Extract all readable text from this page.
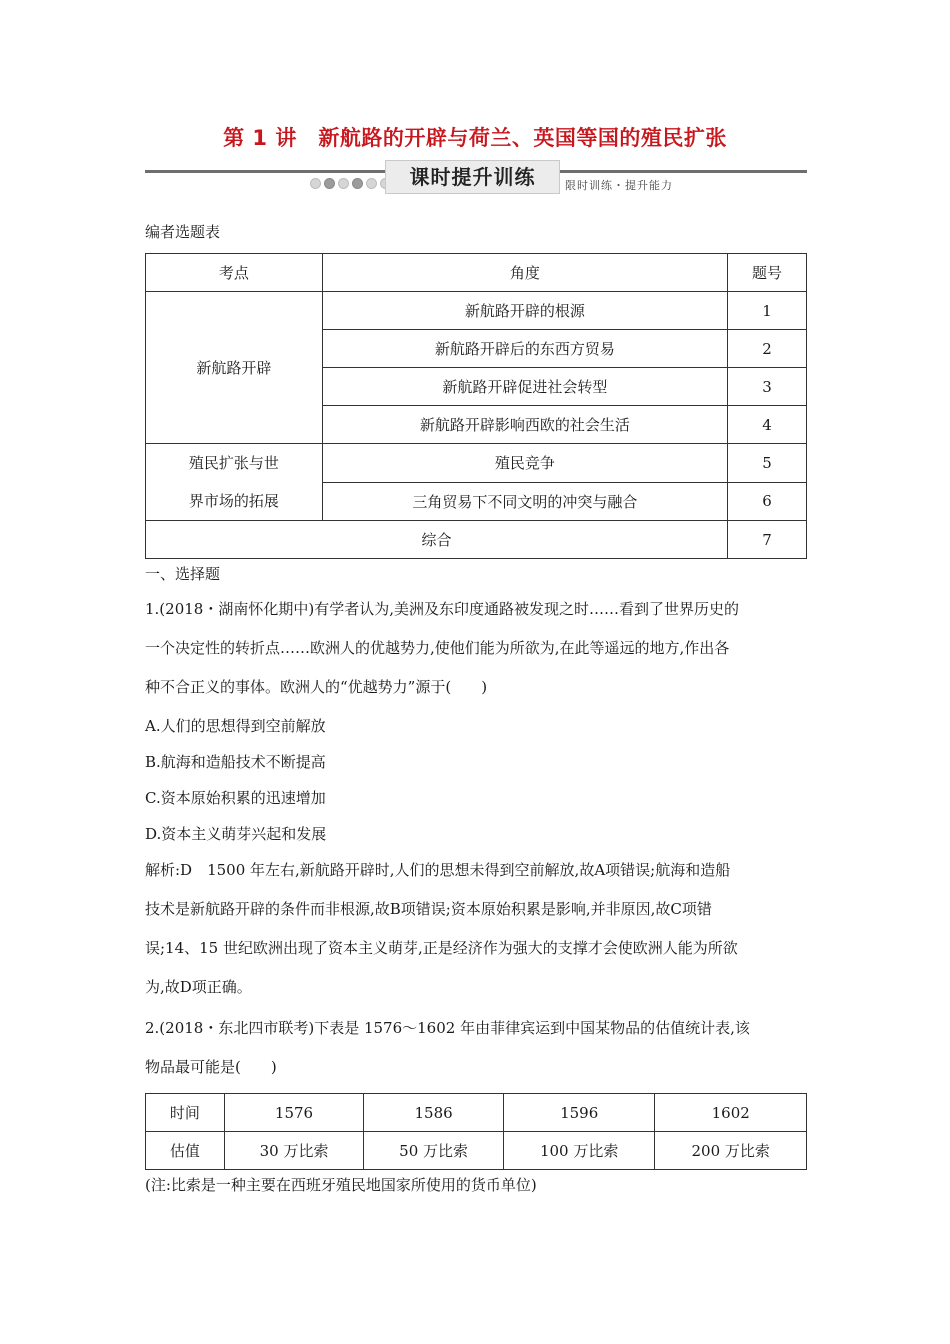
第 1 讲　新航路的开辟与荷兰、英国等国的殖民扩张
课时提升训练	限时训练・提升能力
编者选题表
考点	角度	题号
新航路开辟	新航路开辟的根源	1
	新航路开辟后的东西方贸易	2
	新航路开辟促进社会转型	3
	新航路开辟影响西欧的社会生活	4

殖民扩张与世
界市场的拓展	殖民竞争	5
	三角贸易下不同文明的冲突与融合	6
综合		7
一、选择题
1.(2018・湖南怀化期中)有学者认为,美洲及东印度通路被发现之时……看到了世界历史的
一个决定性的转折点……欧洲人的优越势力,使他们能为所欲为,在此等遥远的地方,作出各
种不合正义的事体。欧洲人的“优越势力”源于(　　)
A.人们的思想得到空前解放
B.航海和造船技术不断提高
C.资本原始积累的迅速增加
D.资本主义萌芽兴起和发展
解析:D　1500 年左右,新航路开辟时,人们的思想未得到空前解放,故A项错误;航海和造船
技术是新航路开辟的条件而非根源,故B项错误;资本原始积累是影响,并非原因,故C项错
误;14、15 世纪欧洲出现了资本主义萌芽,正是经济作为强大的支撑才会使欧洲人能为所欲
为,故D项正确。
2.(2018・东北四市联考)下表是 1576～1602 年由菲律宾运到中国某物品的估值统计表,该
物品最可能是(　　)
时间	1576	1586	1596	1602
估值	30 万比索	50 万比索	100 万比索	200 万比索
(注:比索是一种主要在西班牙殖民地国家所使用的货币单位)
